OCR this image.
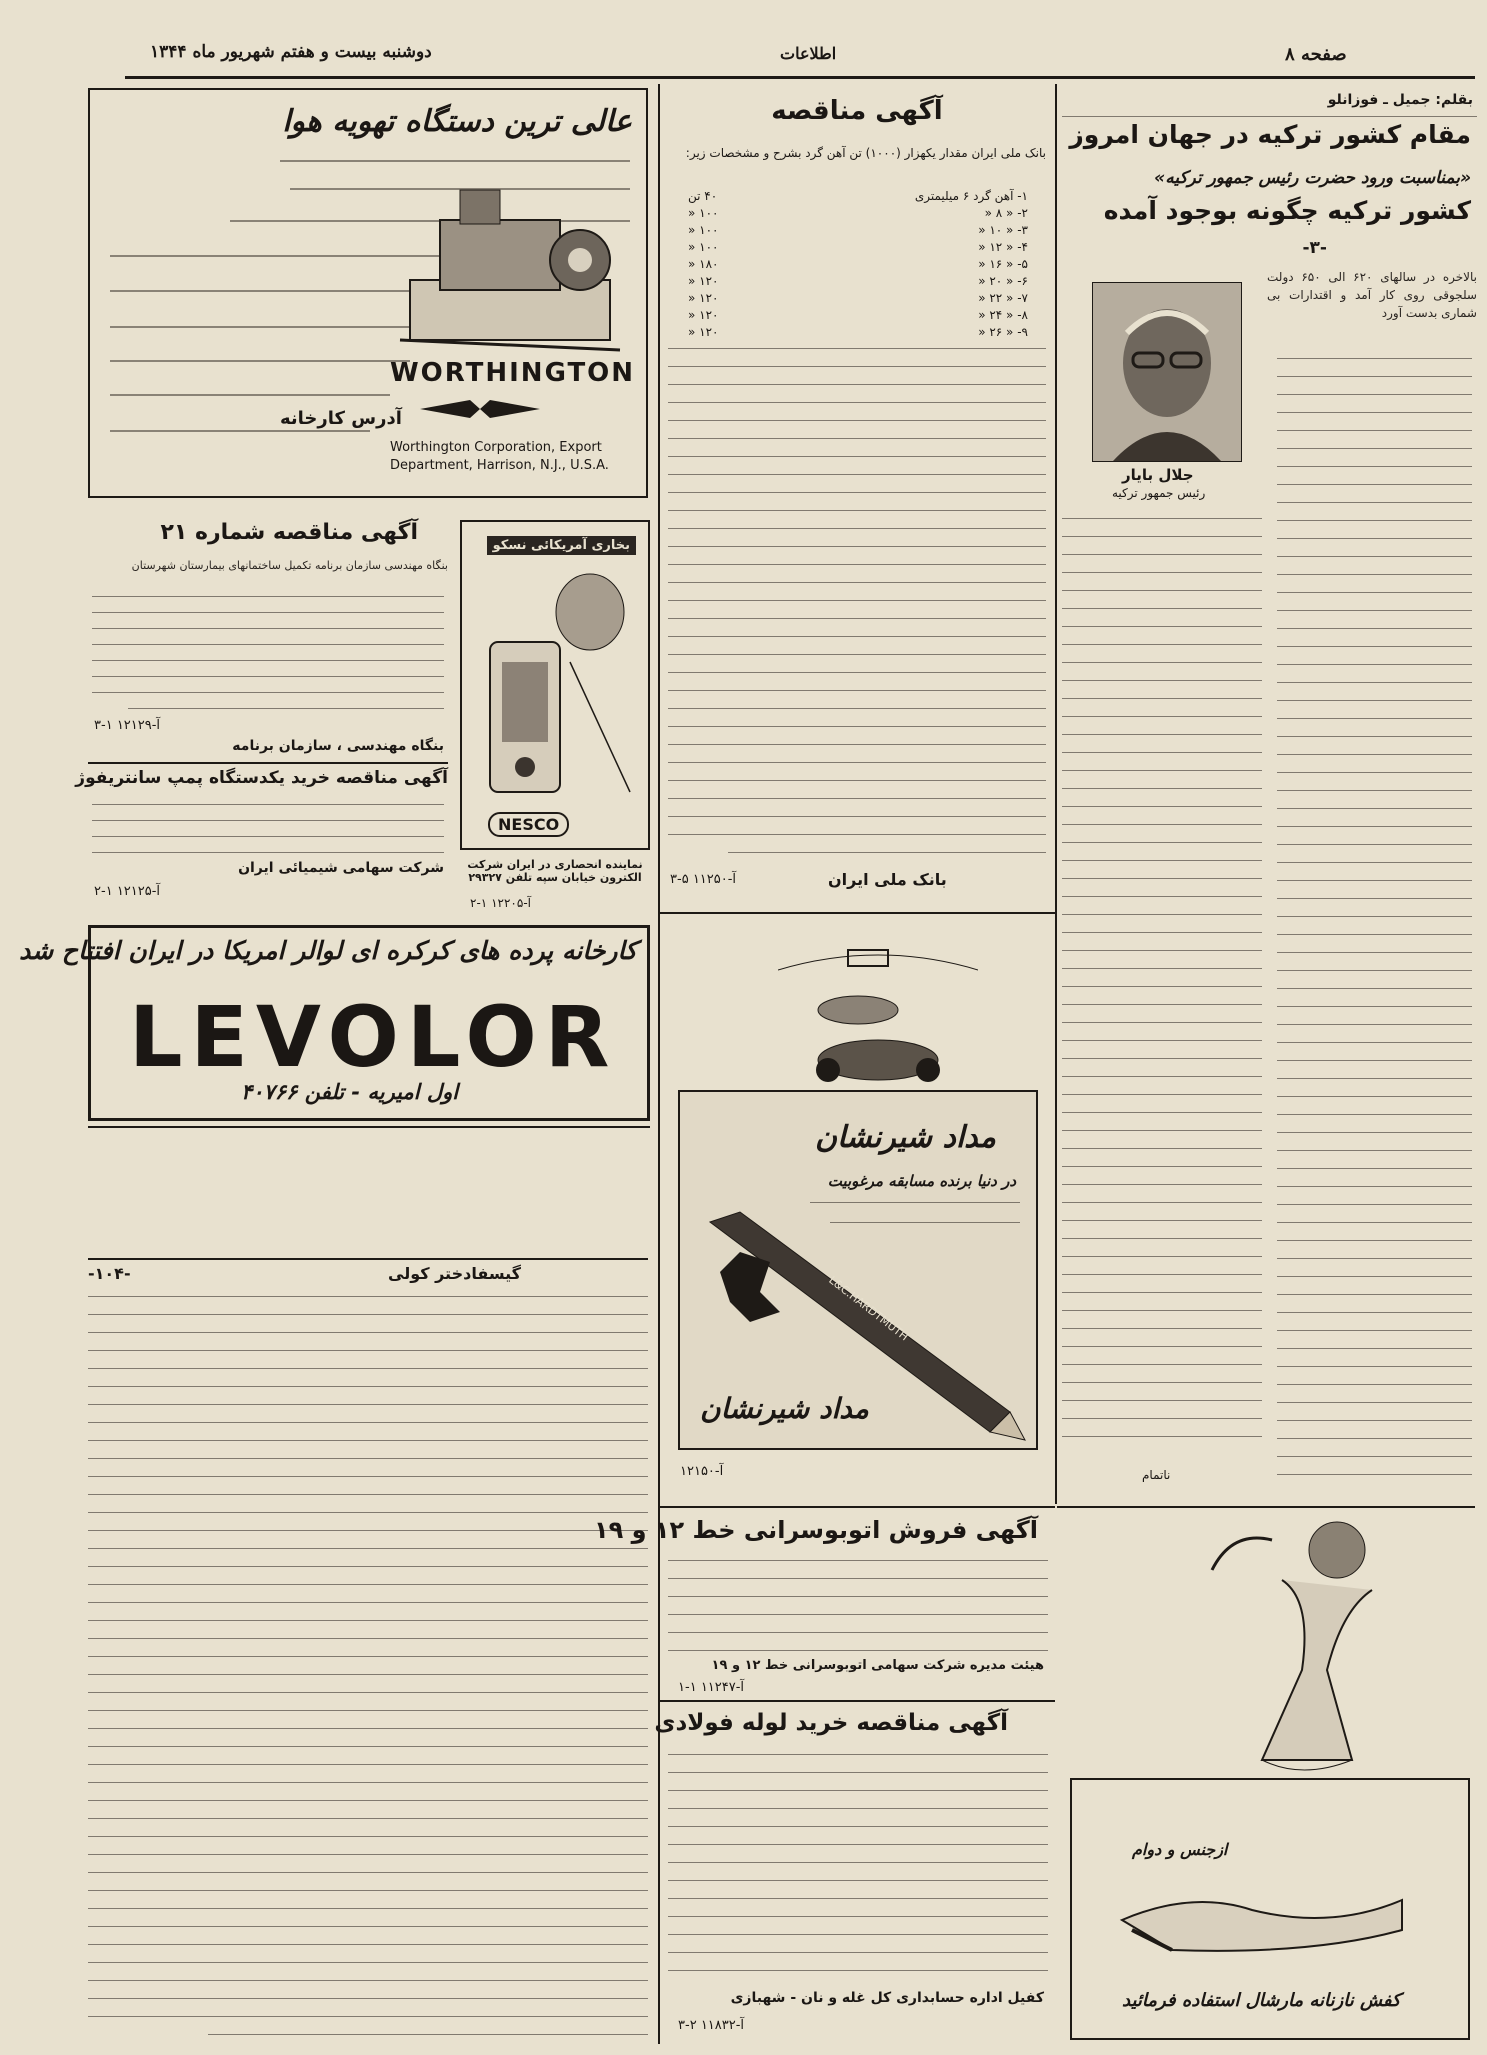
دوشنبه بیست و هفتم شهریور ماه ۱۳۴۴	اطلاعات	صفحه ۸
عالی ترین دستگاه تهویه هوا
WORTHINGTON
آدرس کارخانه
Worthington Corporation, Export
Department, Harrison, N.J., U.S.A.
آگهی مناقصه شماره ۲۱
بنگاه مهندسی سازمان برنامه تکمیل ساختمانهای بیمارستان شهرستان
آ-۱۲۱۲۹ ۱-۳
بنگاه مهندسی ، سازمان برنامه
آگهی مناقصه خرید یکدستگاه پمپ سانتریفوژ
شرکت سهامی شیمیائی ایران
آ-۱۲۱۲۵ ۱-۲
بخاری آمریکائی نسکو
NESCO
نماینده انحصاری در ایران شرکت الکترون خیابان سپه تلفن ۲۹۳۲۷
آ-۱۲۲۰۵ ۱-۲
کارخانه پرده های کرکره ای لوالر امریکا در ایران افتتاح شد
LEVOLOR
اول امیریه - تلفن ۴۰۷۶۶
گیسفادختر کولی
-۱۰۴-
آگهی مناقصه
بانک ملی ایران مقدار یکهزار (۱۰۰۰) تن آهن گرد بشرح و مشخصات زیر:
۱- آهن گرد ۶ میلیمتری
۴۰ تن
۲- « ۸ «
۱۰۰ «
۳- « ۱۰ «
۱۰۰ «
۴- « ۱۲ «
۱۰۰ «
۵- « ۱۶ «
۱۸۰ «
۶- « ۲۰ «
۱۲۰ «
۷- « ۲۲ «
۱۲۰ «
۸- « ۲۴ «
۱۲۰ «
۹- « ۲۶ «
۱۲۰ «
بانک ملی ایران
آ-۱۱۲۵۰ ۵-۳
مداد شیرنشان
در دنیا برنده مسابقه مرغوبیت
L&C.HARDTMUTH
مداد شیرنشان
آ-۱۲۱۵۰
آگهی فروش اتوبوسرانی خط ۱۲ و ۱۹
هیئت مدیره شرکت سهامی اتوبوسرانی خط ۱۲ و ۱۹
آ-۱۱۲۴۷ ۱-۱
آگهی مناقصه خرید لوله فولادی
کفیل اداره حسابداری کل غله و نان - شهبازی
آ-۱۱۸۳۲ ۲-۳
بقلم: جمیل ـ فوزانلو
مقام کشور ترکیه در جهان امروز
«بمناسبت ورود حضرت رئیس جمهور ترکیه»
کشور ترکیه چگونه بوجود آمده
-۳-
جلال بایار
رئیس جمهور ترکیه
بالاخره در سالهای ۶۲۰ الی ۶۵۰ دولت سلجوقی روی کار آمد و اقتدارات بی شماری بدست آورد
ناتمام
ازجنس و دوام
کفش نازنانه مارشال استفاده فرمائید
